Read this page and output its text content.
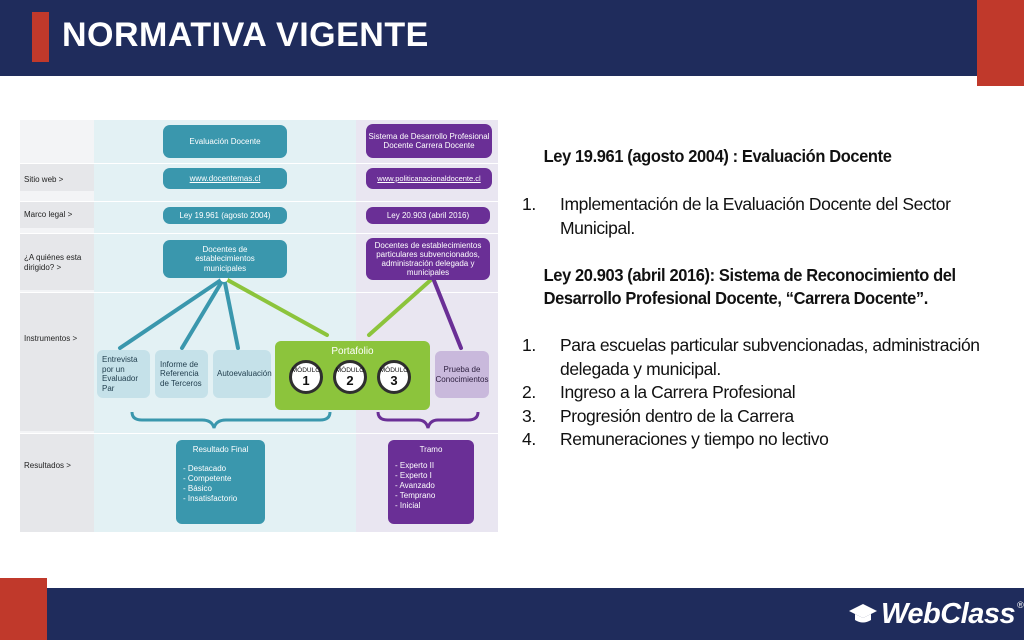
NORMATIVA VIGENTE
Sitio web >
Marco legal >
¿A quiénes esta dirigido? >
Instrumentos >
Resultados >
Evaluación Docente
www.docentemas.cl
Ley 19.961 (agosto 2004)
Docentes de establecimientos municipales
Entrevista por un Evaluador Par
Informe de Referencia de Terceros
Autoevaluación
Portafolio
MÓDULO
1
MÓDULO
2
MÓDULO
3
Sistema de Desarrollo Profesional Docente Carrera Docente
www.politicanacionaldocente.cl
Ley 20.903 (abril 2016)
Docentes de establecimientos particulares subvencionados, administración delegada y municipales
Prueba de Conocimientos
Resultado Final
- Destacado
- Competente
- Básico
- Insatisfactorio
Tramo
- Experto II
- Experto I
- Avanzado
- Temprano
- Inicial
Ley 19.961 (agosto 2004) : Evaluación Docente
1. Implementación de la Evaluación Docente del Sector Municipal.
Ley 20.903 (abril 2016): Sistema de Reconocimiento del Desarrollo Profesional Docente, “Carrera Docente”.
1. Para escuelas particular subvencionadas, administración delegada y municipal.
2. Ingreso a la Carrera Profesional
3. Progresión dentro de la Carrera
4. Remuneraciones y tiempo no lectivo
WebClass ®
